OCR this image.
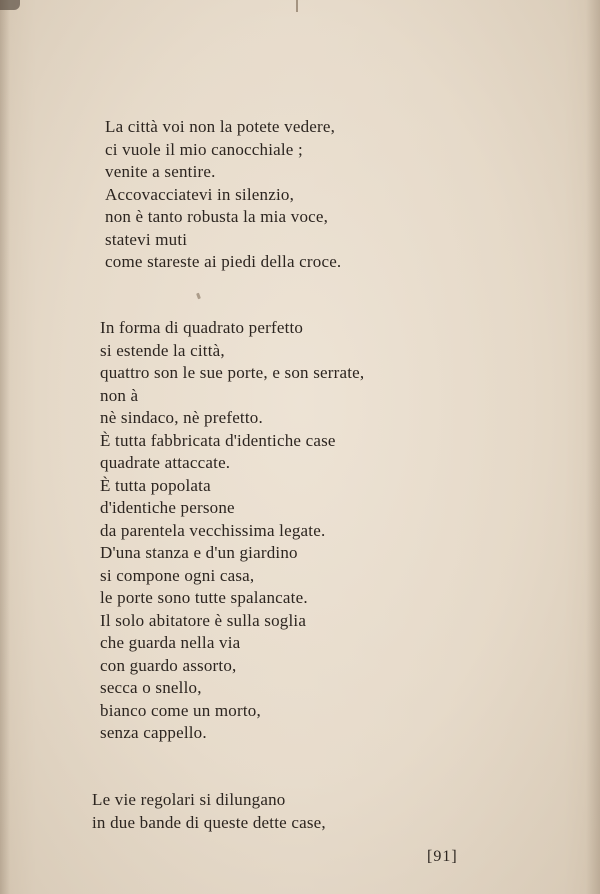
La città voi non la potete vedere,
ci vuole il mio canocchiale ;
venite a sentire.
Accovacciatevi in silenzio,
non è tanto robusta la mia voce,
statevi muti
come stareste ai piedi della croce.
In forma di quadrato perfetto
si estende la città,
quattro son le sue porte, e son serrate,
non à
nè sindaco, nè prefetto.
È tutta fabbricata d'identiche case
quadrate attaccate.
È tutta popolata
d'identiche persone
da parentela vecchissima legate.
D'una stanza e d'un giardino
si compone ogni casa,
le porte sono tutte spalancate.
Il solo abitatore è sulla soglia
che guarda nella via
con guardo assorto,
secca o snello,
bianco come un morto,
senza cappello.
Le vie regolari si dilungano
in due bande di queste dette case,
[91]
